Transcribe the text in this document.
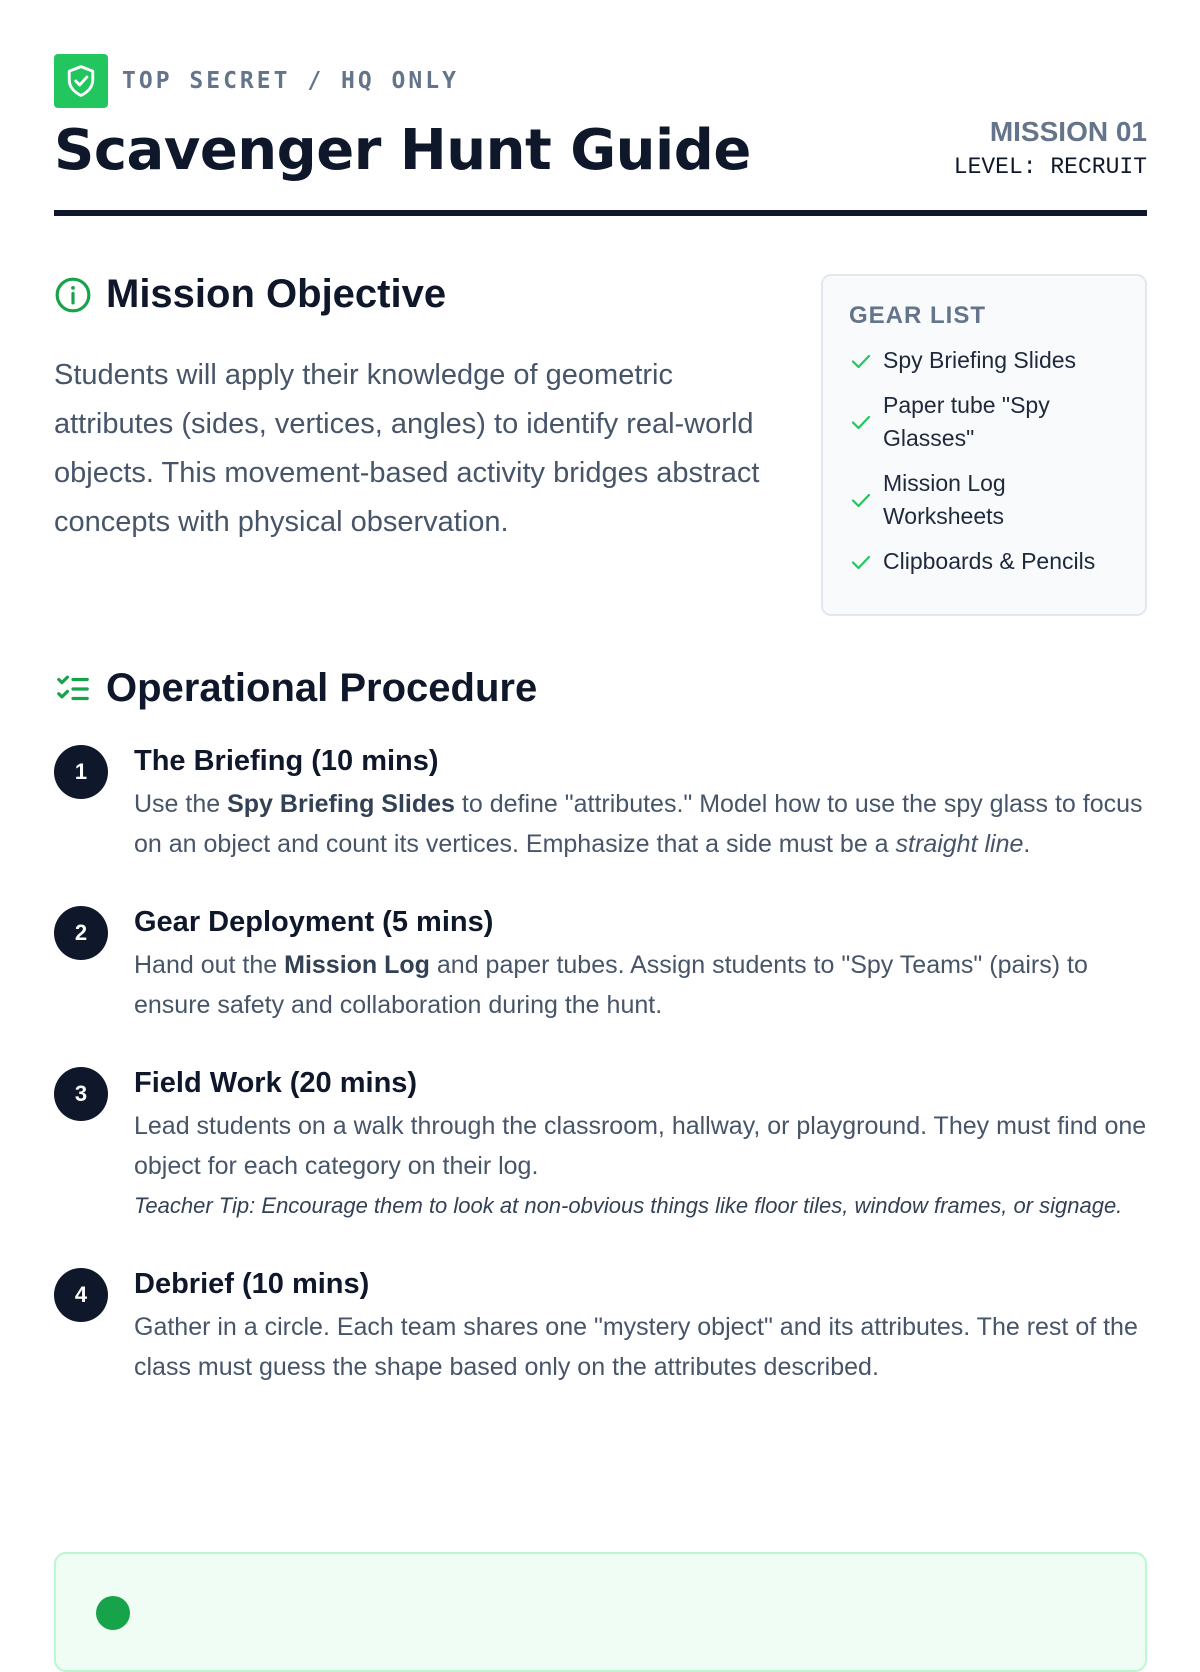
TOP SECRET / HQ ONLY
Scavenger Hunt Guide	MISSION 01
LEVEL: RECRUIT
Mission Objective
Students will apply their knowledge of geometric attributes (sides, vertices, angles) to identify real-world objects. This movement-based activity bridges abstract concepts with physical observation.
GEAR LIST
Spy Briefing Slides
Paper tube "Spy Glasses"
Mission Log Worksheets
Clipboards & Pencils
Operational Procedure
1	The Briefing (10 mins)
Use the Spy Briefing Slides to define "attributes." Model how to use the spy glass to focus on an object and count its vertices. Emphasize that a side must be a straight line.
2	Gear Deployment (5 mins)
Hand out the Mission Log and paper tubes. Assign students to "Spy Teams" (pairs) to ensure safety and collaboration during the hunt.
3	Field Work (20 mins)
Lead students on a walk through the classroom, hallway, or playground. They must find one object for each category on their log.
Teacher Tip: Encourage them to look at non-obvious things like floor tiles, window frames, or signage.
4	Debrief (10 mins)
Gather in a circle. Each team shares one "mystery object" and its attributes. The rest of the class must guess the shape based only on the attributes described.
